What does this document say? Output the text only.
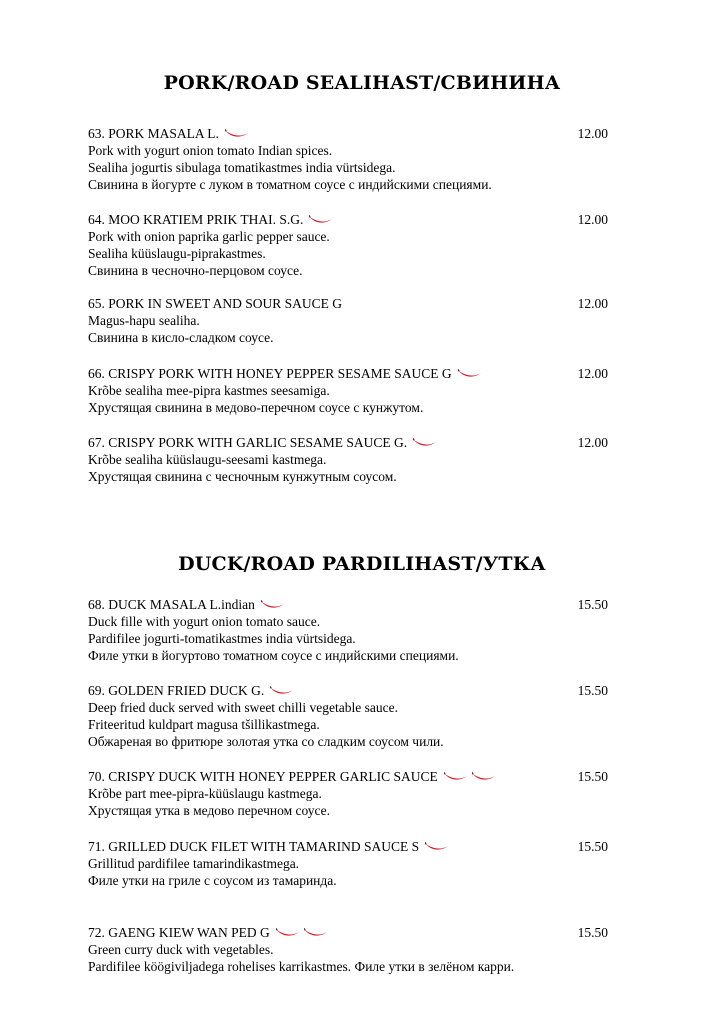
PORK/ROAD SEALIHAST/СВИНИНА
63. PORK MASALA L.	12.00
Pork with yogurt onion tomato Indian spices.
Sealiha jogurtis sibulaga tomatikastmes india vürtsidega.
Свинина в йогурте с луком в томатном соусе с индийскими специями.
64. MOO KRATIEM PRIK THAI. S.G.	12.00
Pork with onion paprika garlic pepper sauce.
Sealiha küüslaugu-piprakastmes.
Свинина в чесночно-перцовом соусе.
65. PORK IN SWEET AND SOUR SAUCE G	12.00
Magus-hapu sealiha.
Свинина в кисло-сладком соусе.
66. CRISPY PORK WITH HONEY PEPPER SESAME SAUCE G	12.00
Krõbe sealiha mee-pipra kastmes seesamiga.
Хрустящая свинина в медово-перечном соусе с кунжутом.
67. CRISPY PORK WITH GARLIC SESAME SAUCE G.	12.00
Krõbe sealiha küüslaugu-seesami kastmega.
Хрустящая свинина с чесночным кунжутным соусом.
DUCK/ROAD PARDILIHAST/УТКА
68. DUCK MASALA L.indian	15.50
Duck fille with yogurt onion tomato sauce.
Pardifilee jogurti-tomatikastmes india vürtsidega.
Филе утки в йогуртово томатном соусе с индийскими специями.
69. GOLDEN FRIED DUCK G.	15.50
Deep fried duck served with sweet chilli vegetable sauce.
Friteeritud kuldpart magusa tšillikastmega.
Обжареная во фритюре золотая утка со сладким соусом чили.
70. CRISPY DUCK WITH HONEY PEPPER GARLIC SAUCE	15.50
Krõbe part mee-pipra-küüslaugu kastmega.
Хрустящая утка в медово перечном соусе.
71. GRILLED DUCK FILET WITH TAMARIND SAUCE S	15.50
Grillitud pardifilee tamarindikastmega.
Филе утки на гриле с соусом из тамаринда.
72. GAENG KIEW WAN PED G	15.50
Green curry duck with vegetables.
Pardifilee köögiviljadega rohelises karrikastmes. Филе утки в зелёном карри.
